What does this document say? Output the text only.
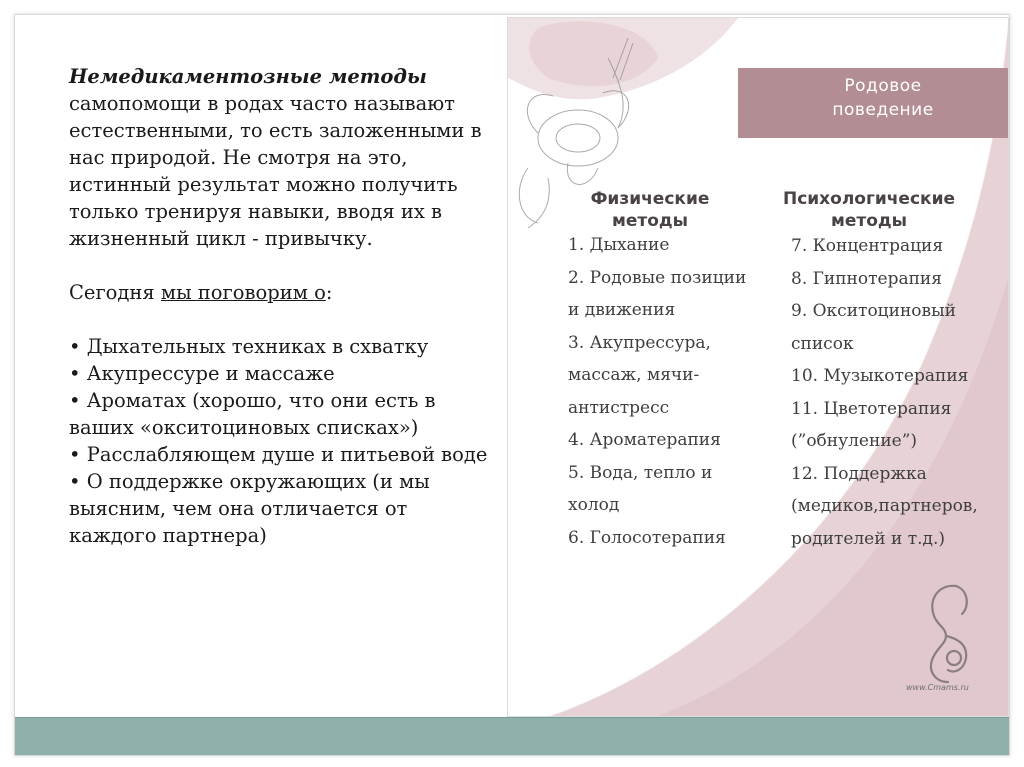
Немедикаментозные методы
самопомощи в родах часто называют естественными, то есть заложенными в нас природой. Не смотря на это, истинный результат можно получить только тренируя навыки, вводя их в жизненный цикл - привычку.

Сегодня мы поговорим о:

• Дыхательных техниках в схватку

• Акупрессуре и массаже

• Ароматах (хорошо, что они есть в ваших «окситоциновых списках»)

• Расслабляющем душе и питьевой воде

• О поддержке окружающих (и мы выясним, чем она отличается от каждого партнера)

Родовое
поведение
Физические
методы
Психологические
методы
1. Дыхание
2. Родовые позиции
и движения
3. Акупрессура,
массаж, мячи-
антистресс
4. Ароматерапия
5. Вода, тепло и
холод
6. Голосотерапия
7. Концентрация
8. Гипнотерапия
9. Окситоциновый
список
10. Музыкотерапия
11. Цветотерапия
(”обнуление”)
12. Поддержка
(медиков,партнеров,
родителей и т.д.)
www.Cmams.ru
